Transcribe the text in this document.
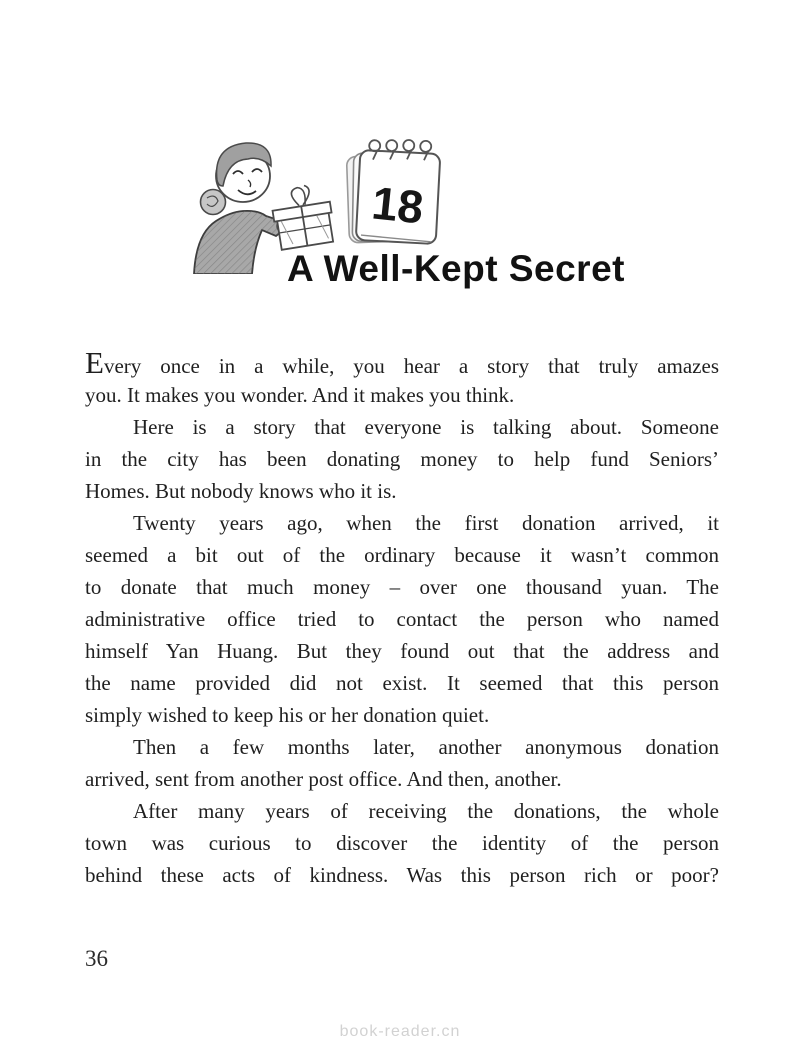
18
A Well-Kept Secret
Every once in a while, you hear a story that truly amazes
you. It makes you wonder. And it makes you think.
Here is a story that everyone is talking about. Someone
in the city has been donating money to help fund Seniors’
Homes. But nobody knows who it is.
Twenty years ago, when the first donation arrived, it
seemed a bit out of the ordinary because it wasn’t common
to donate that much money – over one thousand yuan. The
administrative office tried to contact the person who named
himself Yan Huang. But they found out that the address and
the name provided did not exist. It seemed that this person
simply wished to keep his or her donation quiet.
Then a few months later, another anonymous donation
arrived, sent from another post office. And then, another.
After many years of receiving the donations, the whole
town was curious to discover the identity of the person
behind these acts of kindness. Was this person rich or poor?
36
book-reader.cn
